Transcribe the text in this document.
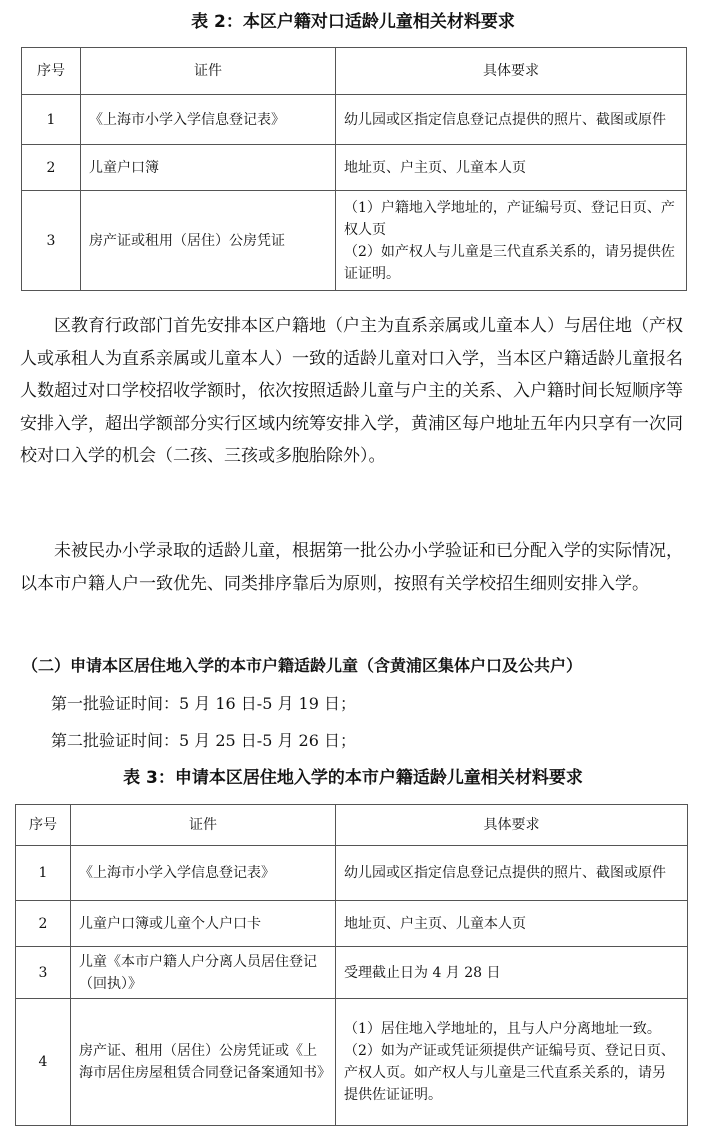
表 2：本区户籍对口适龄儿童相关材料要求
序号	证件	具体要求
1	《上海市小学入学信息登记表》	幼儿园或区指定信息登记点提供的照片、截图或原件
2	儿童户口簿	地址页、户主页、儿童本人页
3	房产证或租用（居住）公房凭证	（1）户籍地入学地址的，产证编号页、登记日页、产权人页
（2）如产权人与儿童是三代直系关系的，请另提供佐证证明。

区教育行政部门首先安排本区户籍地（户主为直系亲属或儿童本人）与居住地（产权人或承租人为直系亲属或儿童本人）一致的适龄儿童对口入学，当本区户籍适龄儿童报名人数超过对口学校招收学额时，依次按照适龄儿童与户主的关系、入户籍时间长短顺序等安排入学，超出学额部分实行区域内统筹安排入学，黄浦区每户地址五年内只享有一次同校对口入学的机会（二孩、三孩或多胞胎除外）。

未被民办小学录取的适龄儿童，根据第一批公办小学验证和已分配入学的实际情况，以本市户籍人户一致优先、同类排序靠后为原则，按照有关学校招生细则安排入学。

（二）申请本区居住地入学的本市户籍适龄儿童（含黄浦区集体户口及公共户）
第一批验证时间：5 月 16 日-5 月 19 日；
第二批验证时间：5 月 25 日-5 月 26 日；
表 3：申请本区居住地入学的本市户籍适龄儿童相关材料要求
序号	证件	具体要求
1	《上海市小学入学信息登记表》	幼儿园或区指定信息登记点提供的照片、截图或原件
2	儿童户口簿或儿童个人户口卡	地址页、户主页、儿童本人页
3	儿童《本市户籍人户分离人员居住登记（回执）》	受理截止日为 4 月 28 日
4	房产证、租用（居住）公房凭证或《上海市居住房屋租赁合同登记备案通知书》	（1）居住地入学地址的，且与人户分离地址一致。
（2）如为产证或凭证须提供产证编号页、登记日页、产权人页。如产权人与儿童是三代直系关系的，请另提供佐证证明。
